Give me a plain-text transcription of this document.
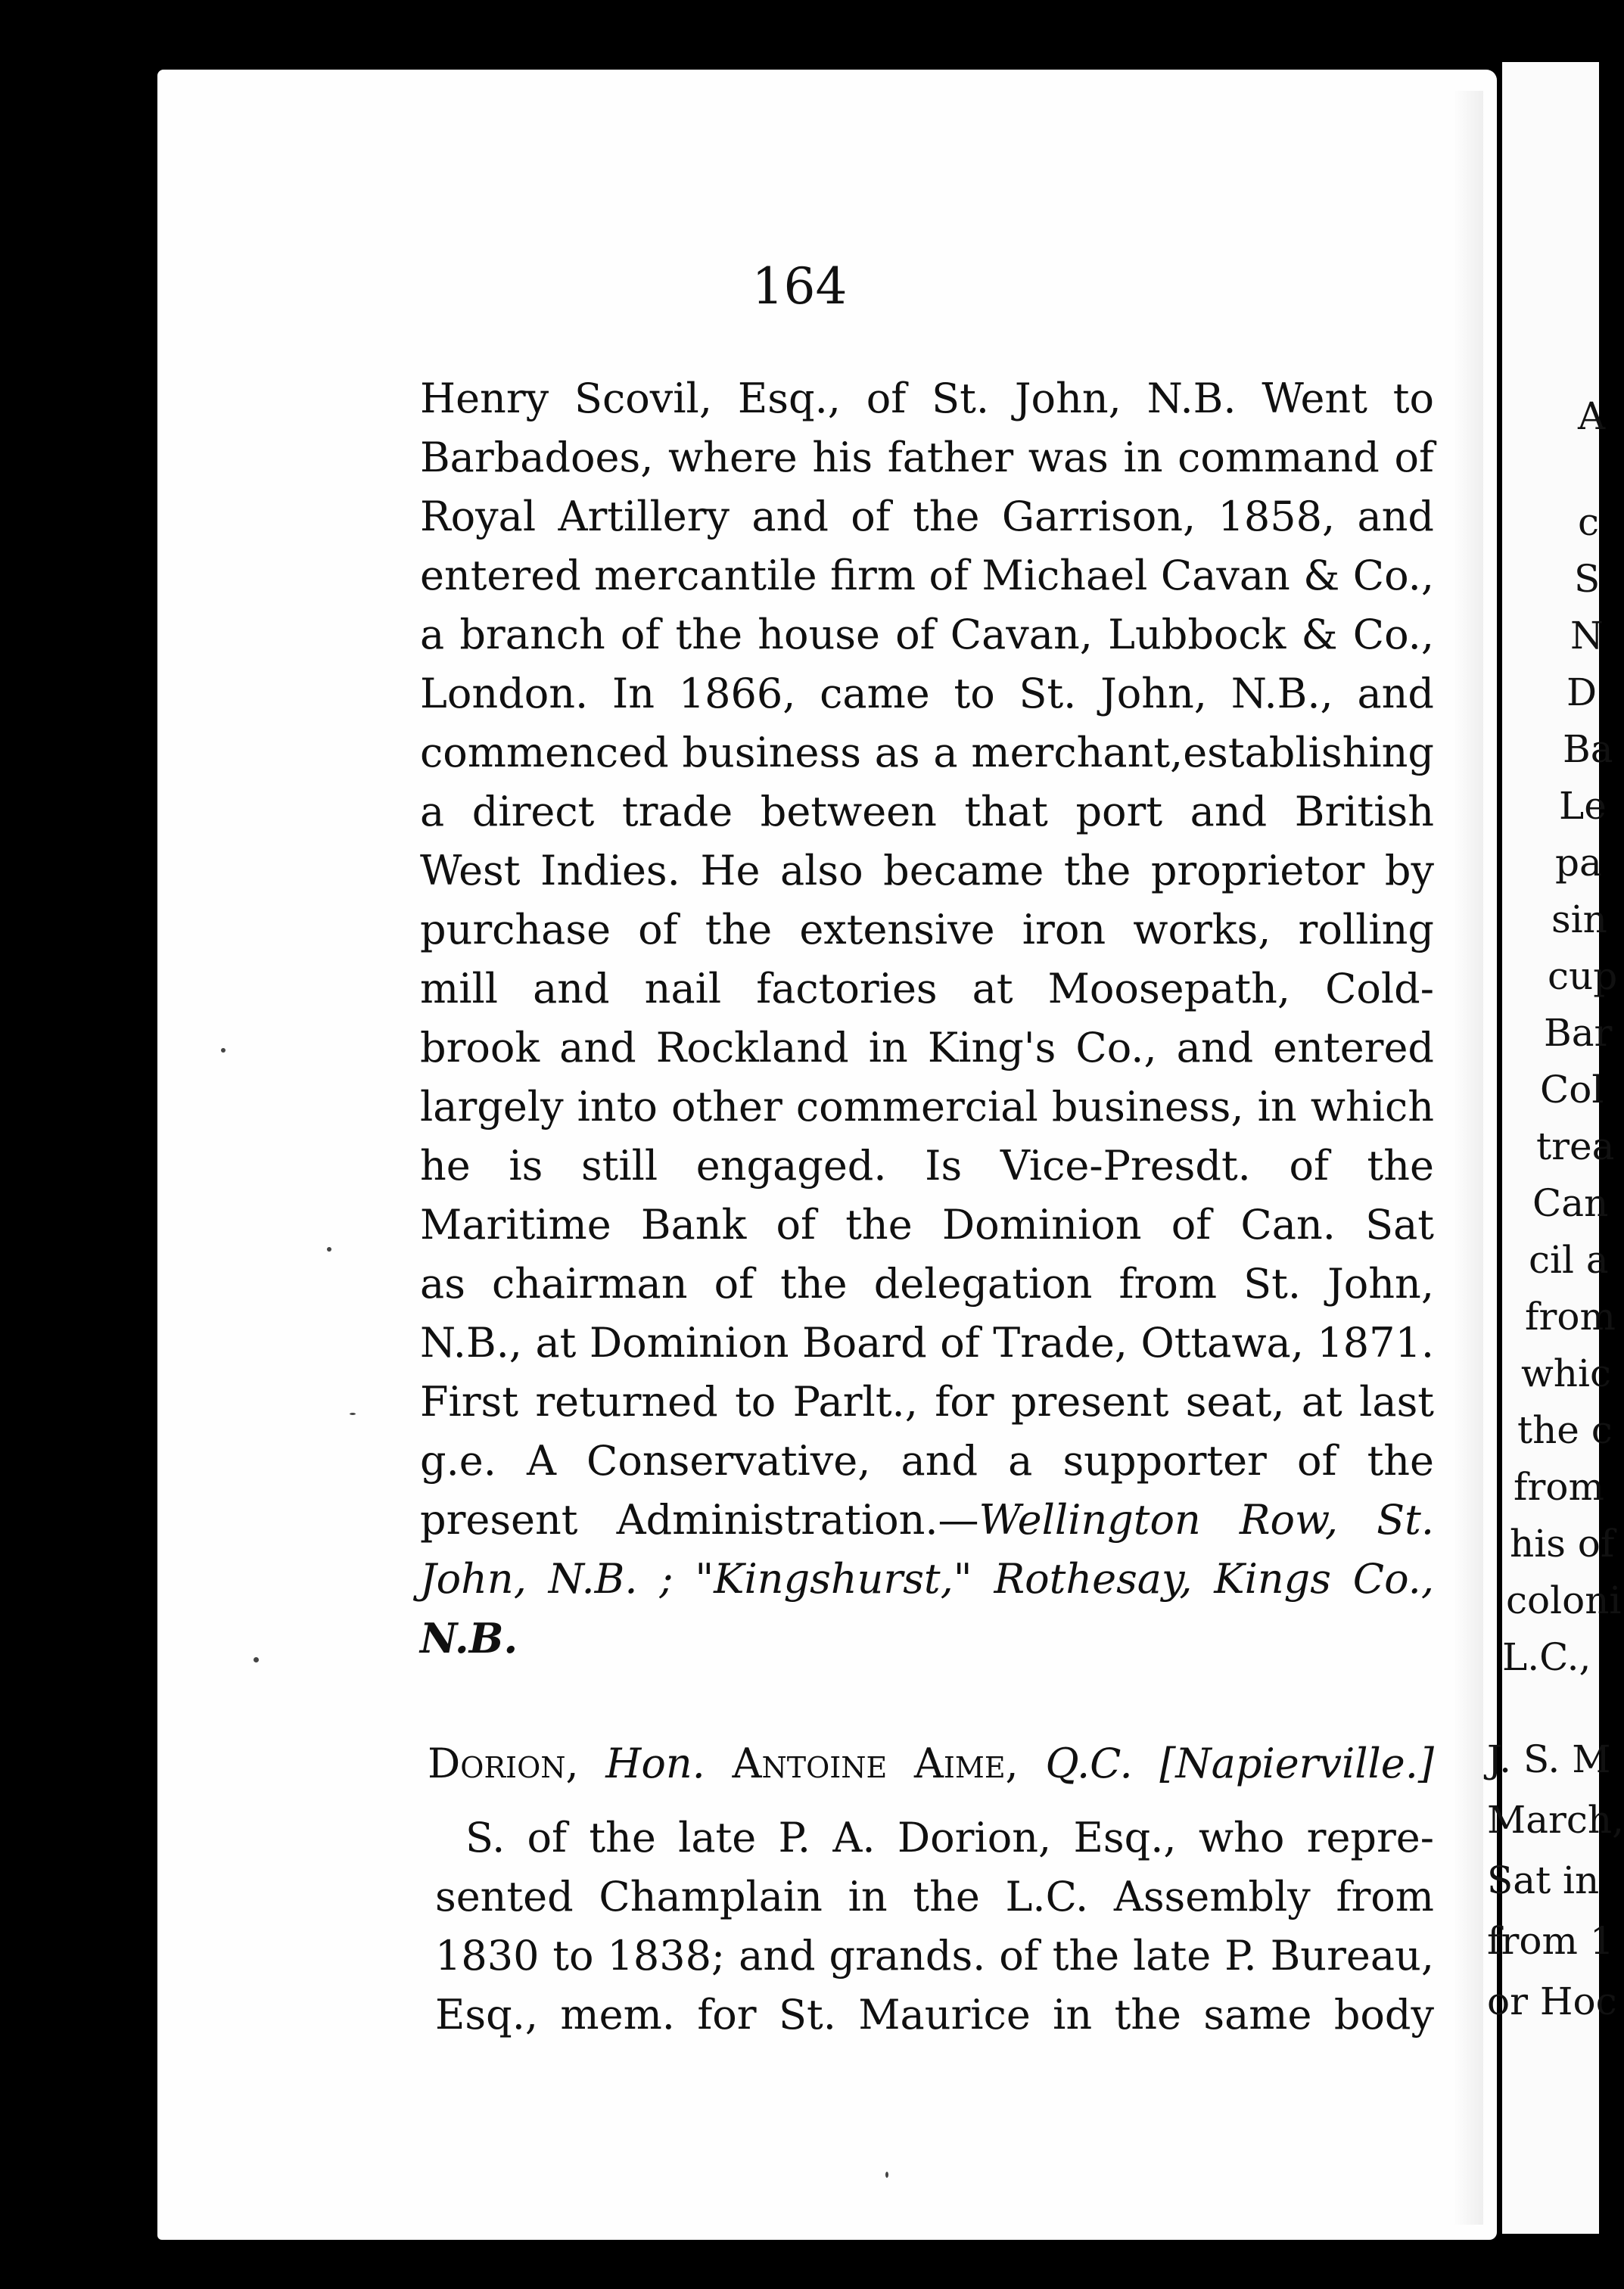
164
Henry Scovil, Esq., of St. John, N.B. Went to
Barbadoes, where his father was in command of
Royal Artillery and of the Garrison, 1858, and
entered mercantile firm of Michael Cavan & Co.,
a branch of the house of Cavan, Lubbock & Co.,
London. In 1866, came to St. John, N.B., and
commenced business as a merchant,establishing
a direct trade between that port and British
West Indies. He also became the proprietor by
purchase of the extensive iron works, rolling
mill and nail factories at Moosepath, Cold-
brook and Rockland in King's Co., and entered
largely into other commercial business, in which
he is still engaged. Is Vice-Presdt. of the
Maritime Bank of the Dominion of Can. Sat
as chairman of the delegation from St. John,
N.B., at Dominion Board of Trade, Ottawa, 1871.
First returned to Parlt., for present seat, at last
g.e. A Conservative, and a supporter of the
present Administration.—Wellington Row, St.
John, N.B. ; "Kingshurst," Rothesay, Kings Co.,
N.B.
Dorion, Hon. Antoine Aime, Q.C. [Napierville.]
S. of the late P. A. Dorion, Esq., who repre-
sented Champlain in the L.C. Assembly from
1830 to 1838; and grands. of the late P. Bureau,
Esq., mem. for St. Maurice in the same body
A
c
S
N
D
Ba
Le
pa
sin
cup
Bar
Col
trea
Can
cil a
from
whic
the c
from
his of
coloni
L.C.,
J. S. M
March,
Sat in
from 1
or Hoc
